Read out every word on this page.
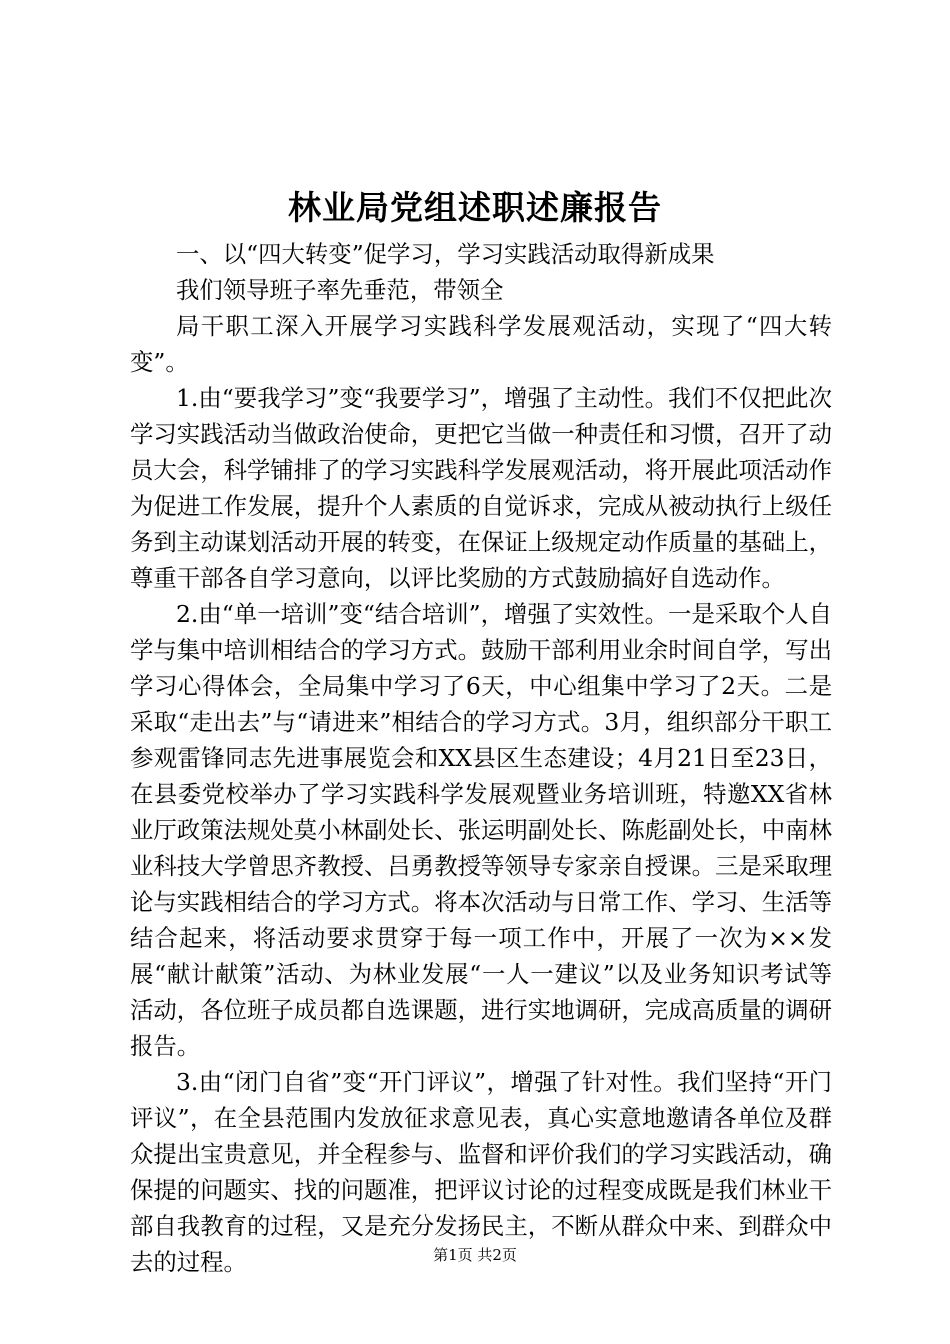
林业局党组述职述廉报告

一、以“四大转变”促学习，学习实践活动取得新成果

我们领导班子率先垂范，带领全

局干职工深入开展学习实践科学发展观活动，实现了“四大转变”。

1.由“要我学习”变“我要学习”，增强了主动性。我们不仅把此次学习实践活动当做政治使命，更把它当做一种责任和习惯，召开了动员大会，科学铺排了的学习实践科学发展观活动，将开展此项活动作为促进工作发展，提升个人素质的自觉诉求，完成从被动执行上级任务到主动谋划活动开展的转变，在保证上级规定动作质量的基础上，尊重干部各自学习意向，以评比奖励的方式鼓励搞好自选动作。

2.由“单一培训”变“结合培训”，增强了实效性。一是采取个人自学与集中培训相结合的学习方式。鼓励干部利用业余时间自学，写出学习心得体会，全局集中学习了6天，中心组集中学习了2天。二是采取“走出去”与“请进来”相结合的学习方式。3月，组织部分干职工参观雷锋同志先进事展览会和XX县区生态建设；4月21日至23日，在县委党校举办了学习实践科学发展观暨业务培训班，特邀XX省林业厅政策法规处莫小林副处长、张运明副处长、陈彪副处长，中南林业科技大学曾思齐教授、吕勇教授等领导专家亲自授课。三是采取理论与实践相结合的学习方式。将本次活动与日常工作、学习、生活等结合起来，将活动要求贯穿于每一项工作中，开展了一次为××发展“献计献策”活动、为林业发展“一人一建议”以及业务知识考试等活动，各位班子成员都自选课题，进行实地调研，完成高质量的调研报告。

3.由“闭门自省”变“开门评议”，增强了针对性。我们坚持“开门评议”，在全县范围内发放征求意见表，真心实意地邀请各单位及群众提出宝贵意见，并全程参与、监督和评价我们的学习实践活动，确保提的问题实、找的问题准，把评议讨论的过程变成既是我们林业干部自我教育的过程，又是充分发扬民主，不断从群众中来、到群众中去的过程。	第1页 共2页
